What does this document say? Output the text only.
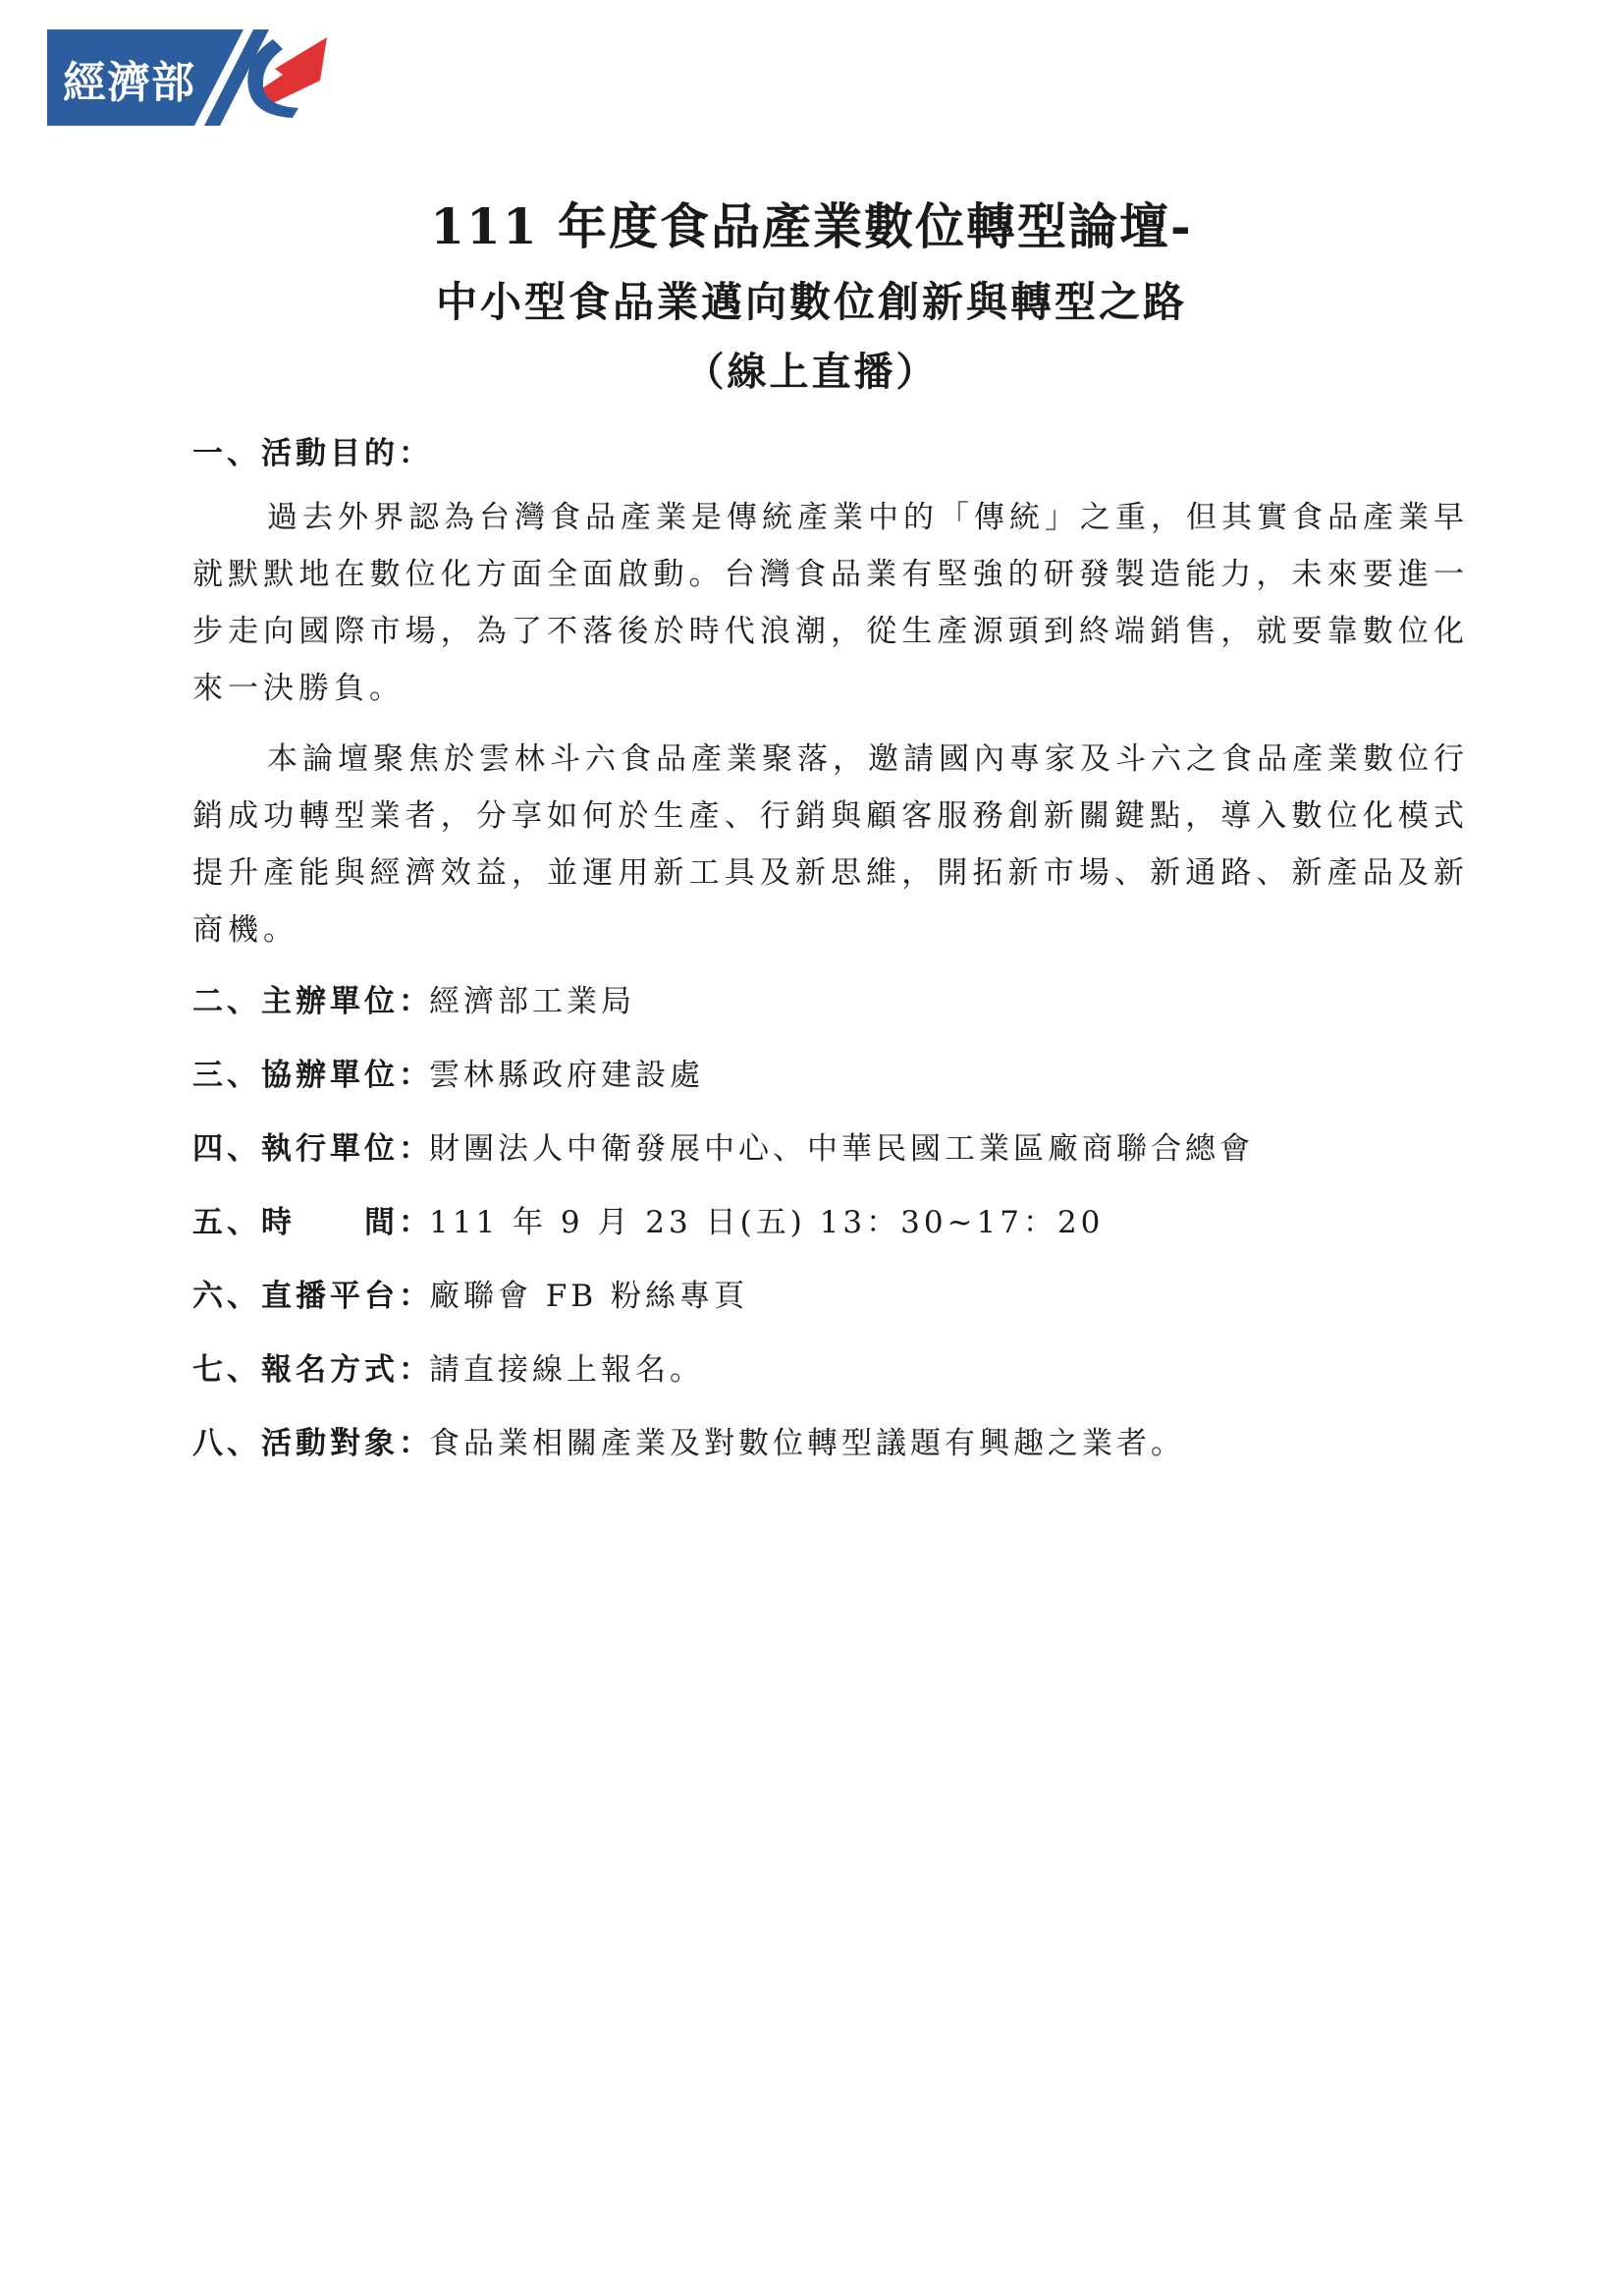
經濟部

111 年度食品產業數位轉型論壇-

中小型食品業邁向數位創新與轉型之路

（線上直播）

一、活動目的：

過去外界認為台灣食品產業是傳統產業中的「傳統」之重，但其實食品產業早就默默地在數位化方面全面啟動。台灣食品業有堅強的研發製造能力，未來要進一步走向國際市場，為了不落後於時代浪潮，從生產源頭到終端銷售，就要靠數位化來一決勝負。

本論壇聚焦於雲林斗六食品產業聚落，邀請國內專家及斗六之食品產業數位行銷成功轉型業者，分享如何於生產、行銷與顧客服務創新關鍵點，導入數位化模式提升產能與經濟效益，並運用新工具及新思維，開拓新市場、新通路、新產品及新商機。

二、主辦單位 ： 經濟部工業局
三、協辦單位 ： 雲林縣政府建設處
四、執行單位 ： 財團法人中衛發展中心、中華民國工業區廠商聯合總會
五、時　　間 ： 111 年 9 月 23 日(五) 13：30~17：20
六、直播平台 ： 廠聯會 FB 粉絲專頁
七、報名方式 ： 請直接線上報名。
八、活動對象 ： 食品業相關產業及對數位轉型議題有興趣之業者。
